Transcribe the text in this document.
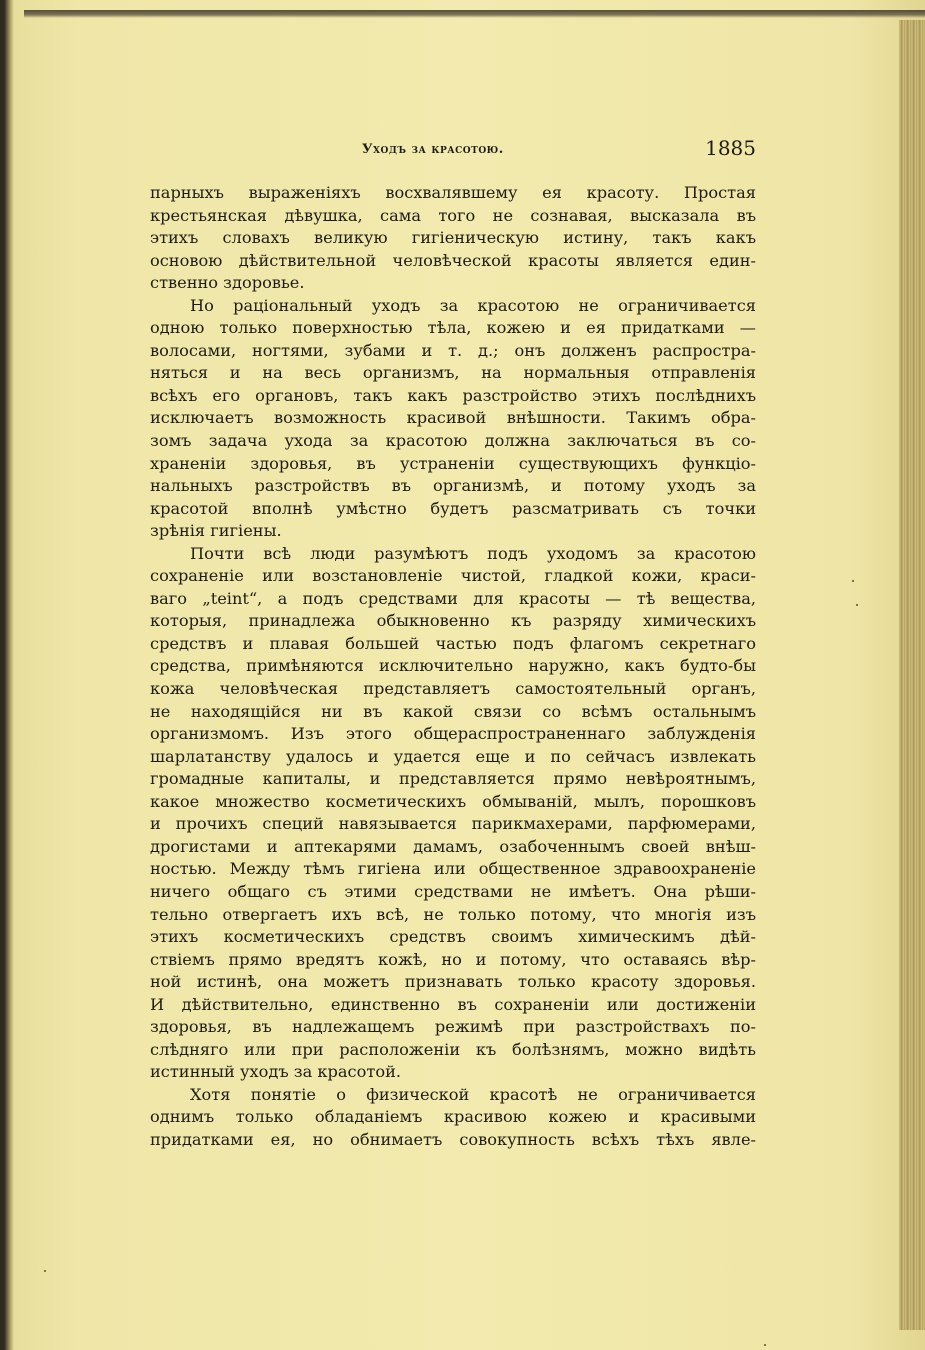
Уходъ за красотою.	1885
парныхъ выраженіяхъ восхвалявшему ея красоту. Простая
крестьянская дѣвушка, сама того не сознавая, высказала въ
этихъ словахъ великую гигіеническую истину, такъ какъ
основою дѣйствительной человѣческой красоты является един-
ственно здоровье.
Но раціональный уходъ за красотою не ограничивается
одною только поверхностью тѣла, кожею и ея придатками —
волосами, ногтями, зубами и т. д.; онъ долженъ распростра-
няться и на весь организмъ, на нормальныя отправленія
всѣхъ его органовъ, такъ какъ разстройство этихъ послѣднихъ
исключаетъ возможность красивой внѣшности. Такимъ обра-
зомъ задача ухода за красотою должна заключаться въ со-
храненіи здоровья, въ устраненіи существующихъ функціо-
нальныхъ разстройствъ въ организмѣ, и потому уходъ за
красотой вполнѣ умѣстно будетъ разсматривать съ точки
зрѣнія гигіены.
Почти всѣ люди разумѣютъ подъ уходомъ за красотою
сохраненіе или возстановленіе чистой, гладкой кожи, краси-
ваго „teint“, а подъ средствами для красоты — тѣ вещества,
которыя, принадлежа обыкновенно къ разряду химическихъ
средствъ и плавая большей частью подъ флагомъ секретнаго
средства, примѣняются исключительно наружно, какъ будто-бы
кожа человѣческая представляетъ самостоятельный органъ,
не находящійся ни въ какой связи со всѣмъ остальнымъ
организмомъ. Изъ этого общераспространеннаго заблужденія
шарлатанству удалось и удается еще и по сейчасъ извлекать
громадные капиталы, и представляется прямо невѣроятнымъ,
какое множество косметическихъ обмываній, мылъ, порошковъ
и прочихъ специй навязывается парикмахерами, парфюмерами,
дрогистами и аптекарями дамамъ, озабоченнымъ своей внѣш-
ностью. Между тѣмъ гигіена или общественное здравоохраненіе
ничего общаго съ этими средствами не имѣетъ. Она рѣши-
тельно отвергаетъ ихъ всѣ, не только потому, что многія изъ
этихъ косметическихъ средствъ своимъ химическимъ дѣй-
ствіемъ прямо вредятъ кожѣ, но и потому, что оставаясь вѣр-
ной истинѣ, она можетъ признавать только красоту здоровья.
И дѣйствительно, единственно въ сохраненіи или достиженіи
здоровья, въ надлежащемъ режимѣ при разстройствахъ по-
слѣдняго или при расположеніи къ болѣзнямъ, можно видѣть
истинный уходъ за красотой.
Хотя понятіе о физической красотѣ не ограничивается
однимъ только обладаніемъ красивою кожею и красивыми
придатками ея, но обнимаетъ совокупность всѣхъ тѣхъ явле-
